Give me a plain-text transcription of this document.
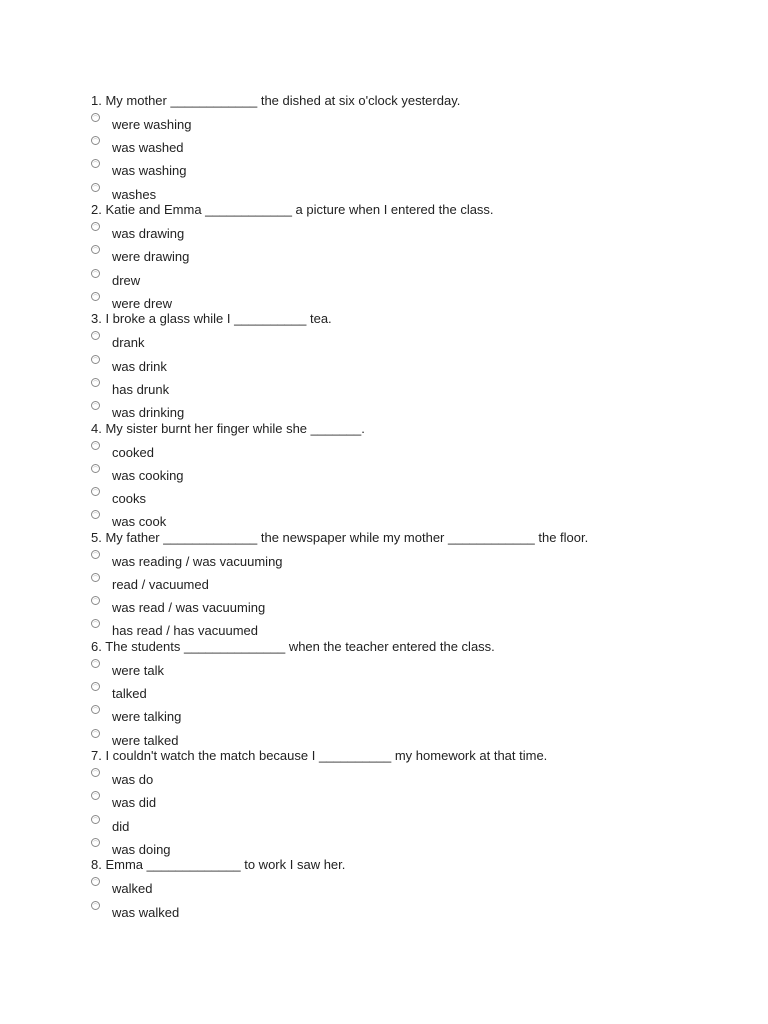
1. My mother ____________ the dished at six o'clock yesterday.
were washing
was washed
was washing
washes
2. Katie and Emma ____________ a picture when I entered the class.
was drawing
were drawing
drew
were drew
3. I broke a glass while I __________ tea.
drank
was drink
has drunk
was drinking
4. My sister burnt her finger while she _______.
cooked
was cooking
cooks
was cook
5. My father _____________ the newspaper while my mother ____________ the floor.
was reading / was vacuuming
read / vacuumed
was read / was vacuuming
has read / has vacuumed
6. The students ______________ when the teacher entered the class.
were talk
talked
were talking
were talked
7. I couldn't watch the match because I __________ my homework at that time.
was do
was did
did
was doing
8. Emma _____________ to work I saw her.
walked
was walked
